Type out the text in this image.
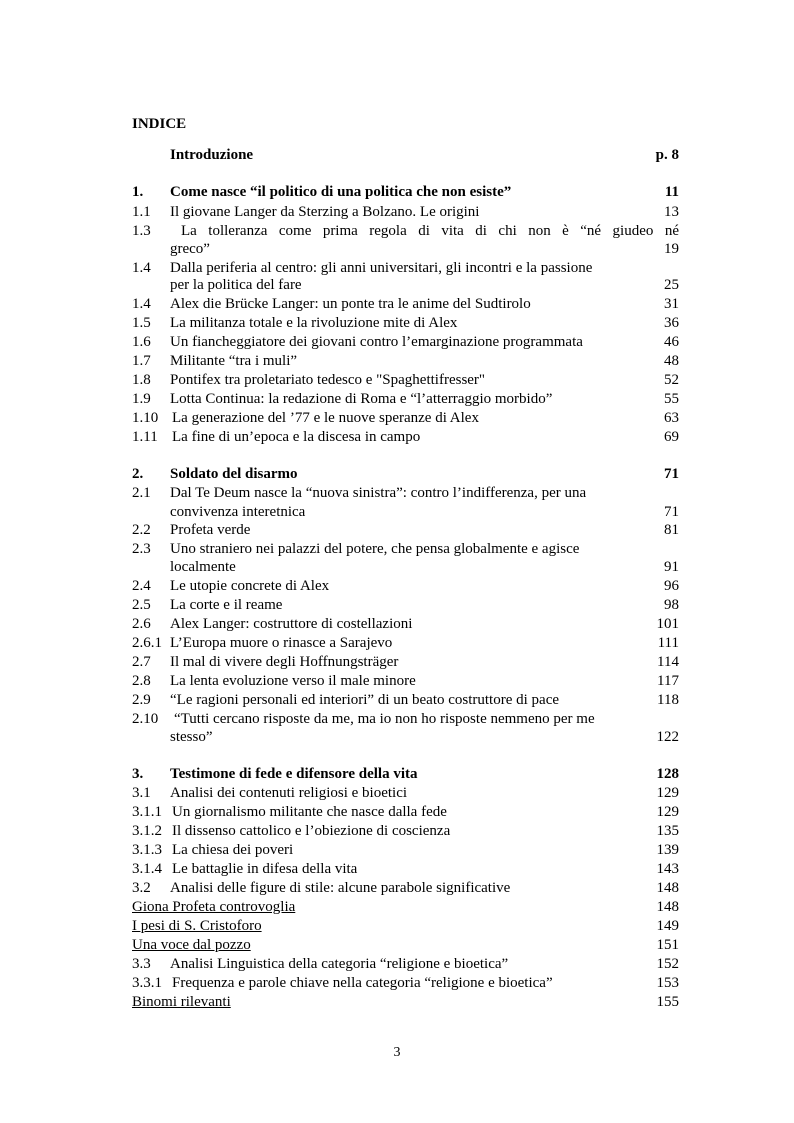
INDICE
Introduzione	p. 8
1. Come nasce “il politico di una politica che non esiste”	11
1.1 Il giovane Langer da Sterzing a Bolzano. Le origini	13
1.3 La tolleranza come prima regola di vita di chi non è “né giudeo né
greco”	19
1.4 Dalla periferia al centro: gli anni universitari, gli incontri e la passione
per la politica del fare	25
1.4 Alex die Brücke Langer: un ponte tra le anime del Sudtirolo	31
1.5 La militanza totale e la rivoluzione mite di Alex	36
1.6 Un fiancheggiatore dei giovani contro l’emarginazione programmata	46
1.7 Militante “tra i muli”	48
1.8 Pontifex tra proletariato tedesco e "Spaghettifresser"	52
1.9 Lotta Continua: la redazione di Roma e “l’atterraggio morbido”	55
1.10 La generazione del ’77 e le nuove speranze di Alex	63
1.11 La fine di un’epoca e la discesa in campo	69
2. Soldato del disarmo	71
2.1 Dal Te Deum nasce la “nuova sinistra”: contro l’indifferenza, per una
convivenza interetnica	71
2.2 Profeta verde	81
2.3 Uno straniero nei palazzi del potere, che pensa globalmente e agisce
localmente	91
2.4 Le utopie concrete di Alex	96
2.5 La corte e il reame	98
2.6 Alex Langer: costruttore di costellazioni	101
2.6.1 L’Europa muore o rinasce a Sarajevo	111
2.7 Il mal di vivere degli Hoffnungsträger	114
2.8 La lenta evoluzione verso il male minore	117
2.9 “Le ragioni personali ed interiori” di un beato costruttore di pace	118
2.10 “Tutti cercano risposte da me, ma io non ho risposte nemmeno per me
stesso”	122
3. Testimone di fede e difensore della vita	128
3.1 Analisi dei contenuti religiosi e bioetici	129
3.1.1 Un giornalismo militante che nasce dalla fede	129
3.1.2 Il dissenso cattolico e l’obiezione di coscienza	135
3.1.3 La chiesa dei poveri	139
3.1.4 Le battaglie in difesa della vita	143
3.2 Analisi delle figure di stile: alcune parabole significative	148
Giona Profeta controvoglia	148
I pesi di S. Cristoforo	149
Una voce dal pozzo	151
3.3 Analisi Linguistica della categoria “religione e bioetica”	152
3.3.1 Frequenza e parole chiave nella categoria “religione e bioetica”	153
Binomi rilevanti	155
3
